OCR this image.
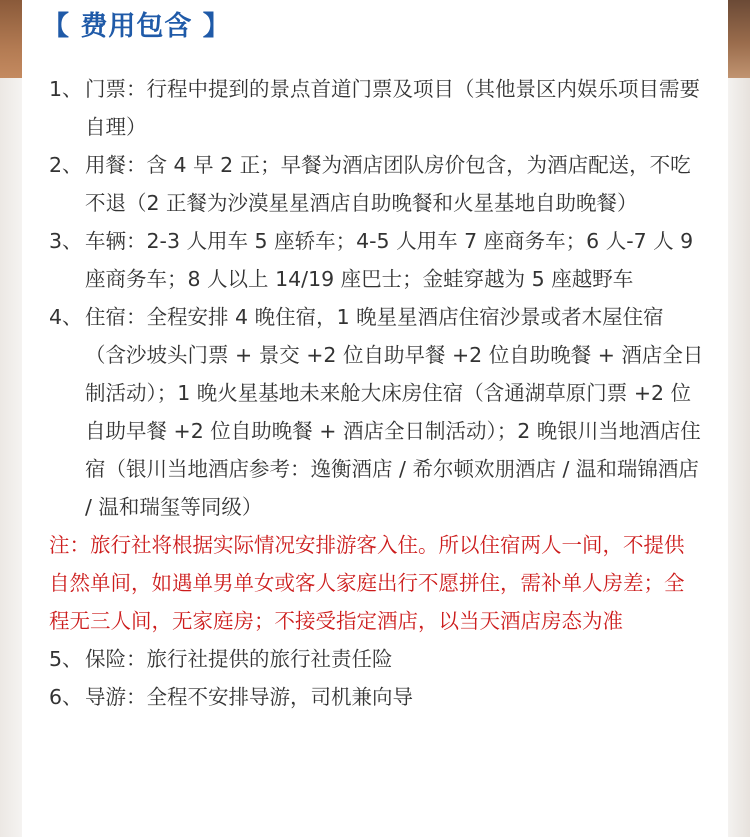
【 费用包含 】
1、 门票：行程中提到的景点首道门票及项目（其他景区内娱乐项目需要自理）
2、 用餐：含 4 早 2 正；早餐为酒店团队房价包含，为酒店配送，不吃不退（2 正餐为沙漠星星酒店自助晚餐和火星基地自助晚餐）
3、 车辆：2-3 人用车 5 座轿车；4-5 人用车 7 座商务车；6 人-7 人 9 座商务车；8 人以上 14/19 座巴士；金蛙穿越为 5 座越野车
4、 住宿：全程安排 4 晚住宿，1 晚星星酒店住宿沙景或者木屋住宿（含沙坡头门票 + 景交 +2 位自助早餐 +2 位自助晚餐 + 酒店全日制活动）；1 晚火星基地未来舱大床房住宿（含通湖草原门票 +2 位自助早餐 +2 位自助晚餐 + 酒店全日制活动）；2 晚银川当地酒店住宿（银川当地酒店参考：逸衡酒店 / 希尔顿欢朋酒店 / 温和瑞锦酒店 / 温和瑞玺等同级）
注：旅行社将根据实际情况安排游客入住。所以住宿两人一间，不提供自然单间，如遇单男单女或客人家庭出行不愿拼住，需补单人房差；全程无三人间，无家庭房；不接受指定酒店，以当天酒店房态为准
5、 保险：旅行社提供的旅行社责任险
6、 导游：全程不安排导游，司机兼向导
